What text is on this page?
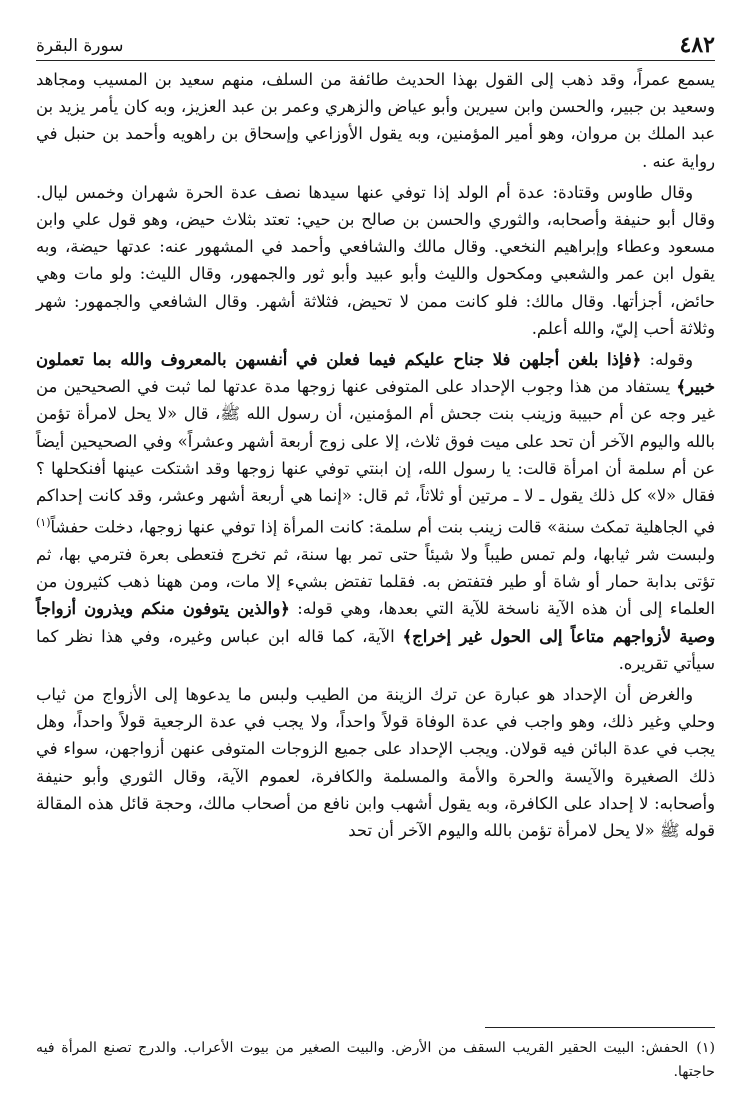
٤٨٢
سورة البقرة

يسمع عمراً، وقد ذهب إلى القول بهذا الحديث طائفة من السلف، منهم سعيد بن المسيب ومجاهد وسعيد بن جبير، والحسن وابن سيرين وأبو عياض والزهري وعمر بن عبد العزيز، وبه كان يأمر يزيد بن عبد الملك بن مروان، وهو أمير المؤمنين، وبه يقول الأوزاعي وإسحاق بن راهويه وأحمد بن حنبل في رواية عنه .

وقال طاوس وقتادة: عدة أم الولد إذا توفي عنها سيدها نصف عدة الحرة شهران وخمس ليال. وقال أبو حنيفة وأصحابه، والثوري والحسن بن صالح بن حيي: تعتد بثلاث حيض، وهو قول علي وابن مسعود وعطاء وإبراهيم النخعي. وقال مالك والشافعي وأحمد في المشهور عنه: عدتها حيضة، وبه يقول ابن عمر والشعبي ومكحول والليث وأبو عبيد وأبو ثور والجمهور، وقال الليث: ولو مات وهي حائض، أجزأتها. وقال مالك: فلو كانت ممن لا تحيض، فثلاثة أشهر. وقال الشافعي والجمهور: شهر وثلاثة أحب إليّ، والله أعلم.

وقوله: ﴿فإذا بلغن أجلهن فلا جناح عليكم فيما فعلن في أنفسهن بالمعروف والله بما تعملون خبير﴾ يستفاد من هذا وجوب الإحداد على المتوفى عنها زوجها مدة عدتها لما ثبت في الصحيحين من غير وجه عن أم حبيبة وزينب بنت جحش أم المؤمنين، أن رسول الله ﷺ، قال «لا يحل لامرأة تؤمن بالله واليوم الآخر أن تحد على ميت فوق ثلاث، إلا على زوج أربعة أشهر وعشراً» وفي الصحيحين أيضاً عن أم سلمة أن امرأة قالت: يا رسول الله، إن ابنتي توفي عنها زوجها وقد اشتكت عينها أفنكحلها ؟ فقال «لا» كل ذلك يقول ـ لا ـ مرتين أو ثلاثاً، ثم قال: «إنما هي أربعة أشهر وعشر، وقد كانت إحداكم في الجاهلية تمكث سنة» قالت زينب بنت أم سلمة: كانت المرأة إذا توفي عنها زوجها، دخلت حفشاً$^{(١)}$ ولبست شر ثيابها، ولم تمس طيباً ولا شيئاً حتى تمر بها سنة، ثم تخرج فتعطى بعرة فترمي بها، ثم تؤتى بدابة حمار أو شاة أو طير فتفتض به. فقلما تفتض بشيء إلا مات، ومن ههنا ذهب كثيرون من العلماء إلى أن هذه الآية ناسخة للآية التي بعدها، وهي قوله: ﴿والذين يتوفون منكم ويذرون أزواجاً وصية لأزواجهم متاعاً إلى الحول غير إخراج﴾ الآية، كما قاله ابن عباس وغيره، وفي هذا نظر كما سيأتي تقريره.

والغرض أن الإحداد هو عبارة عن ترك الزينة من الطيب ولبس ما يدعوها إلى الأزواج من ثياب وحلي وغير ذلك، وهو واجب في عدة الوفاة قولاً واحداً، ولا يجب في عدة الرجعية قولاً واحداً، وهل يجب في عدة البائن فيه قولان. ويجب الإحداد على جميع الزوجات المتوفى عنهن أزواجهن، سواء في ذلك الصغيرة والآيسة والحرة والأمة والمسلمة والكافرة، لعموم الآية، وقال الثوري وأبو حنيفة وأصحابه: لا إحداد على الكافرة، وبه يقول أشهب وابن نافع من أصحاب مالك، وحجة قائل هذه المقالة قوله ﷺ «لا يحل لامرأة تؤمن بالله واليوم الآخر أن تحد

(١)الحفش: البيت الحقير القريب السقف من الأرض. والبيت الصغير من بيوت الأعراب. والدرج تصنع المرأة فيه حاجتها.
